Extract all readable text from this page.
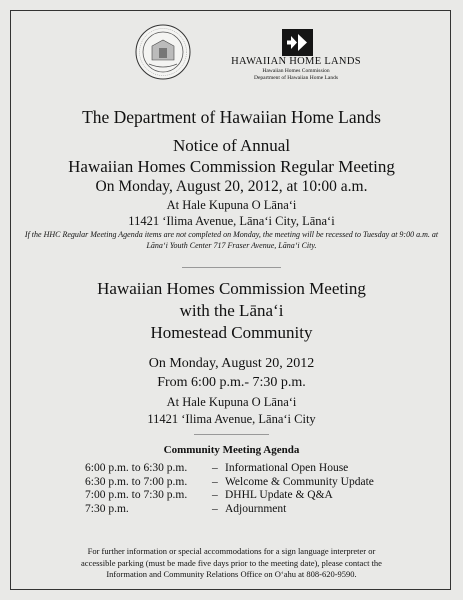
HAWAIIAN HOME LANDS
Hawaiian Homes Commission
Department of Hawaiian Home Lands
The Department of Hawaiian Home Lands
Notice of Annual
Hawaiian Homes Commission Regular Meeting
On Monday, August 20, 2012, at 10:00 a.m.
At Hale Kupuna O Lānaʻi
11421 ʻIlima Avenue, Lānaʻi City, Lānaʻi
If the HHC Regular Meeting Agenda items are not completed on Monday, the meeting will be recessed to Tuesday at 9:00 a.m. at Lānaʻi Youth Center 717 Fraser Avenue, Lānaʻi City.
Hawaiian Homes Commission Meeting
with the Lānaʻi
Homestead Community
On Monday, August 20, 2012
From 6:00 p.m.- 7:30 p.m.
At Hale Kupuna O Lānaʻi
11421 ʻIlima Avenue, Lānaʻi City
Community Meeting Agenda
6:00 p.m. to 6:30 p.m.	– Informational Open House
6:30 p.m. to 7:00 p.m.	– Welcome & Community Update
7:00 p.m. to 7:30 p.m.	– DHHL Update & Q&A
7:30 p.m.	– Adjournment
For further information or special accommodations for a sign language interpreter or
accessible parking (must be made five days prior to the meeting date), please contact the
Information and Community Relations Office on Oʻahu at 808-620-9590.
